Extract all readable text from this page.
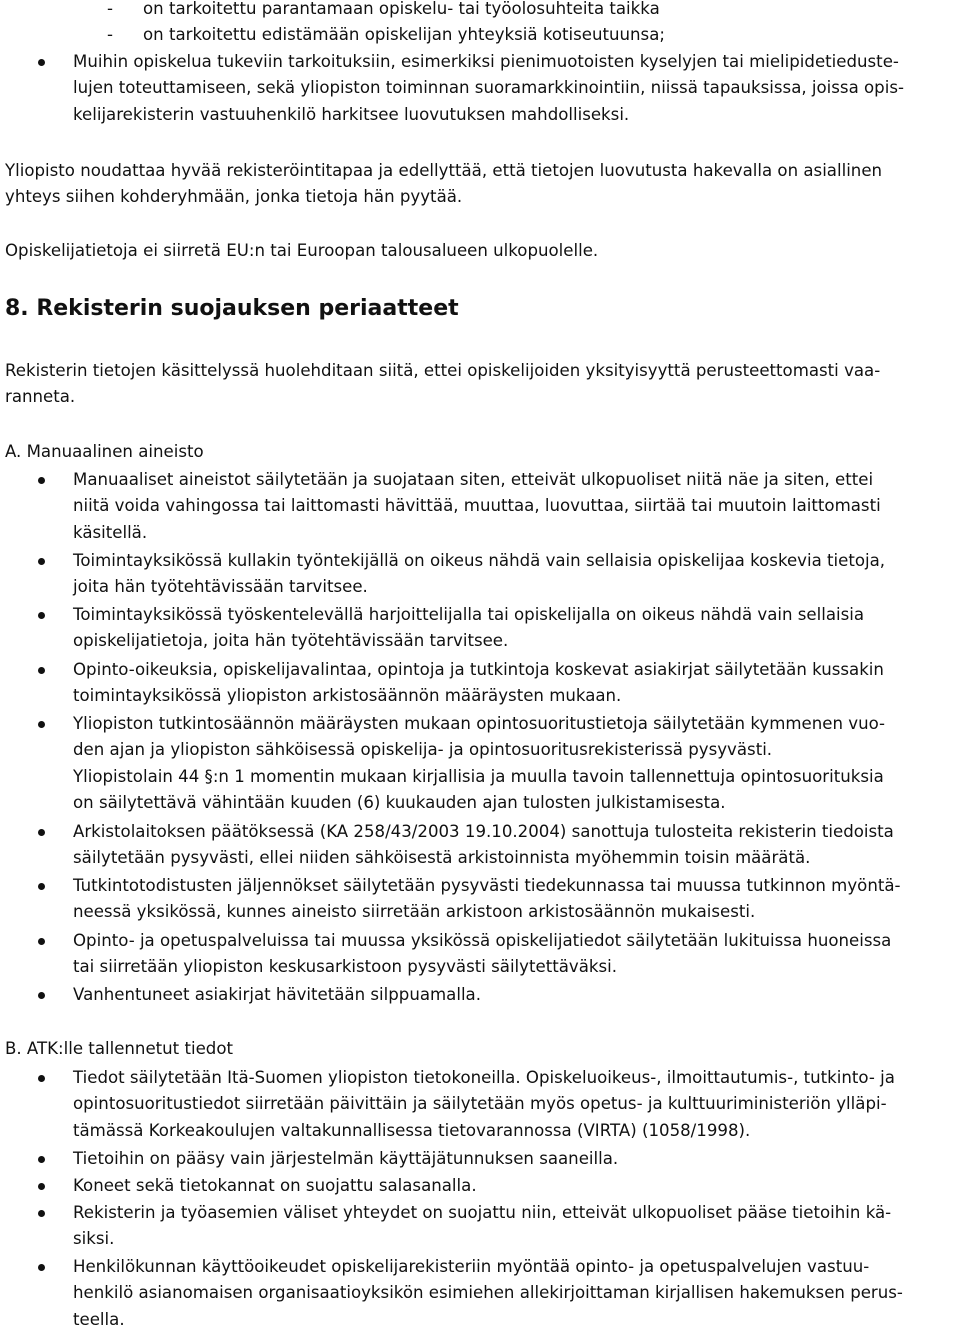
- on tarkoitettu parantamaan opiskelu- tai työolosuhteita taikka
- on tarkoitettu edistämään opiskelijan yhteyksiä kotiseutuunsa;
Muihin opiskelua tukeviin tarkoituksiin, esimerkiksi pienimuotoisten kyselyjen tai mielipidetieduste-
lujen toteuttamiseen, sekä yliopiston toiminnan suoramarkkinointiin, niissä tapauksissa, joissa opis-
kelijarekisterin vastuuhenkilö harkitsee luovutuksen mahdolliseksi.
Yliopisto noudattaa hyvää rekisteröintitapaa ja edellyttää, että tietojen luovutusta hakevalla on asiallinen
yhteys siihen kohderyhmään, jonka tietoja hän pyytää.
Opiskelijatietoja ei siirretä EU:n tai Euroopan talousalueen ulkopuolelle.
8. Rekisterin suojauksen periaatteet
Rekisterin tietojen käsittelyssä huolehditaan siitä, ettei opiskelijoiden yksityisyyttä perusteettomasti vaa-
ranneta.
A. Manuaalinen aineisto
Manuaaliset aineistot säilytetään ja suojataan siten, etteivät ulkopuoliset niitä näe ja siten, ettei
niitä voida vahingossa tai laittomasti hävittää, muuttaa, luovuttaa, siirtää tai muutoin laittomasti
käsitellä.
Toimintayksikössä kullakin työntekijällä on oikeus nähdä vain sellaisia opiskelijaa koskevia tietoja,
joita hän työtehtävissään tarvitsee.
Toimintayksikössä työskentelevällä harjoittelijalla tai opiskelijalla on oikeus nähdä vain sellaisia
opiskelijatietoja, joita hän työtehtävissään tarvitsee.
Opinto-oikeuksia, opiskelijavalintaa, opintoja ja tutkintoja koskevat asiakirjat säilytetään kussakin
toimintayksikössä yliopiston arkistosäännön määräysten mukaan.
Yliopiston tutkintosäännön määräysten mukaan opintosuoritustietoja säilytetään kymmenen vuo-
den ajan ja yliopiston sähköisessä opiskelija- ja opintosuoritusrekisterissä pysyvästi.
Yliopistolain 44 §:n 1 momentin mukaan kirjallisia ja muulla tavoin tallennettuja opintosuorituksia
on säilytettävä vähintään kuuden (6) kuukauden ajan tulosten julkistamisesta.
Arkistolaitoksen päätöksessä (KA 258/43/2003 19.10.2004) sanottuja tulosteita rekisterin tiedoista
säilytetään pysyvästi, ellei niiden sähköisestä arkistoinnista myöhemmin toisin määrätä.
Tutkintotodistusten jäljennökset säilytetään pysyvästi tiedekunnassa tai muussa tutkinnon myöntä-
neessä yksikössä, kunnes aineisto siirretään arkistoon arkistosäännön mukaisesti.
Opinto- ja opetuspalveluissa tai muussa yksikössä opiskelijatiedot säilytetään lukituissa huoneissa
tai siirretään yliopiston keskusarkistoon pysyvästi säilytettäväksi.
Vanhentuneet asiakirjat hävitetään silppuamalla.
B. ATK:lle tallennetut tiedot
Tiedot säilytetään Itä-Suomen yliopiston tietokoneilla. Opiskeluoikeus-, ilmoittautumis-, tutkinto- ja
opintosuoritustiedot siirretään päivittäin ja säilytetään myös opetus- ja kulttuuriministeriön ylläpi-
tämässä Korkeakoulujen valtakunnallisessa tietovarannossa (VIRTA) (1058/1998).
Tietoihin on pääsy vain järjestelmän käyttäjätunnuksen saaneilla.
Koneet sekä tietokannat on suojattu salasanalla.
Rekisterin ja työasemien väliset yhteydet on suojattu niin, etteivät ulkopuoliset pääse tietoihin kä-
siksi.
Henkilökunnan käyttöoikeudet opiskelijarekisteriin myöntää opinto- ja opetuspalvelujen vastuu-
henkilö asianomaisen organisaatioyksikön esimiehen allekirjoittaman kirjallisen hakemuksen perus-
teella.
